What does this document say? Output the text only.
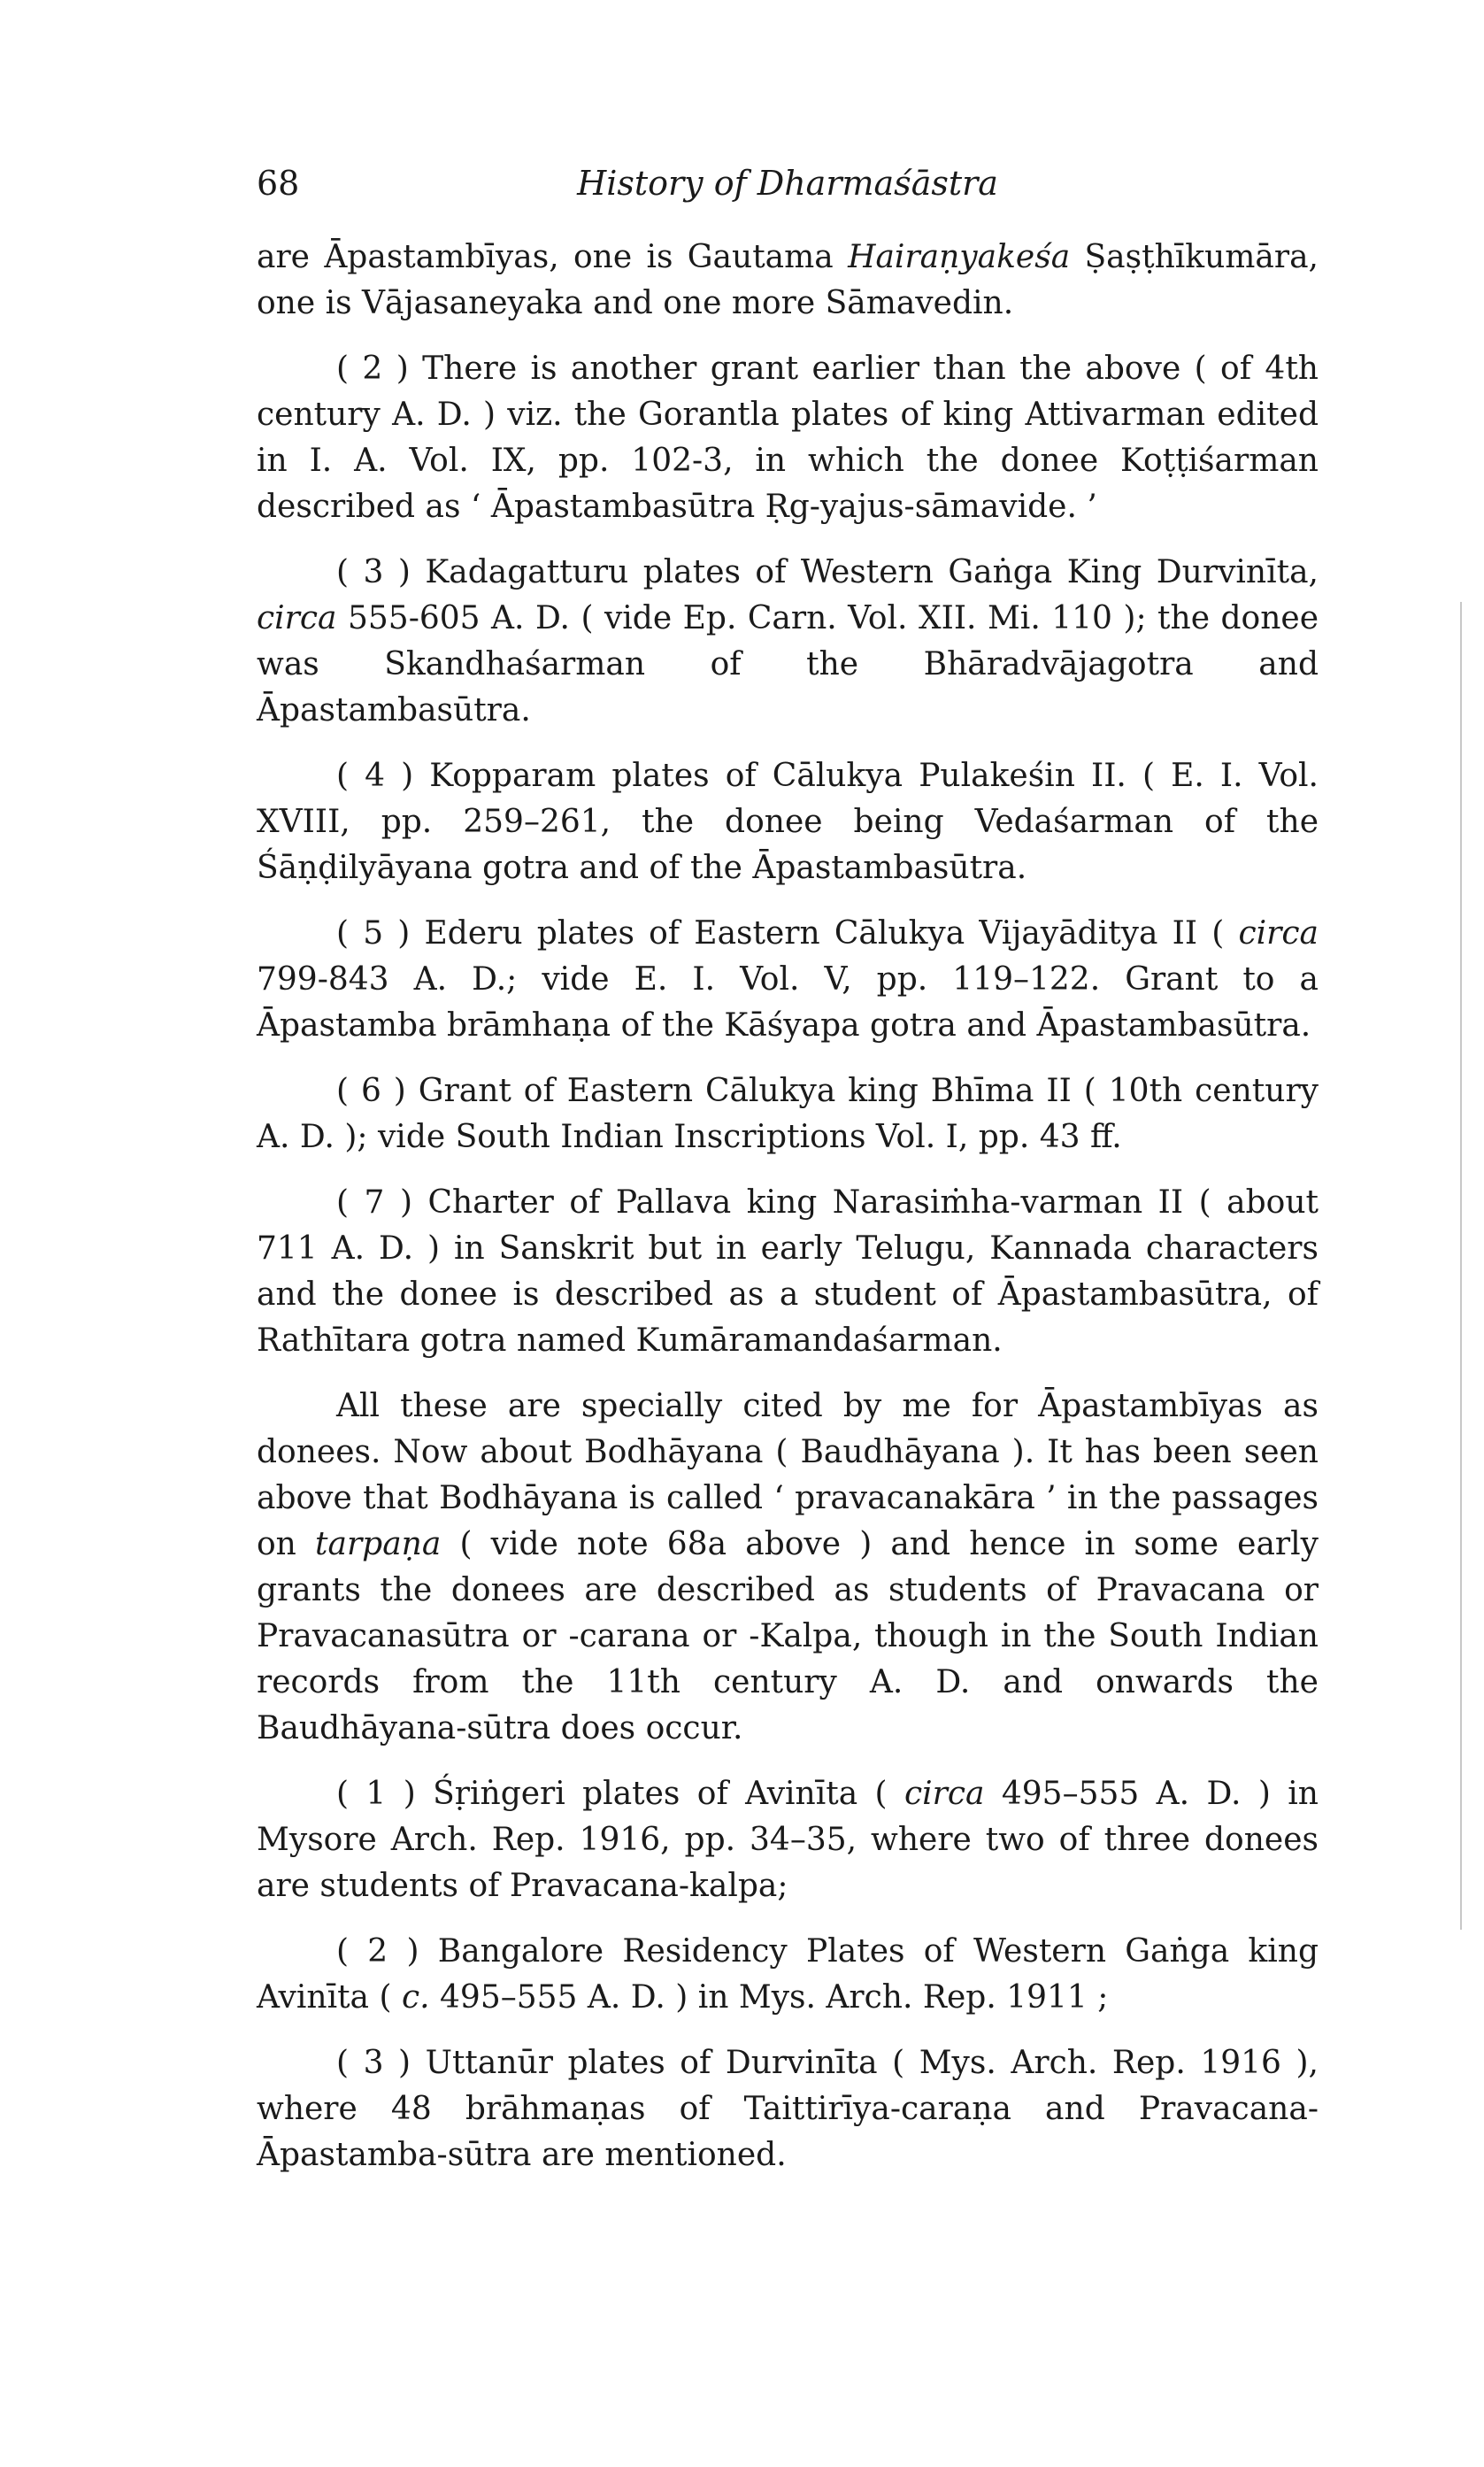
68	History of Dharmaśāstra

are Āpastambīyas, one is Gautama Hairaṇyakeśa Ṣaṣṭhīkumāra, one is Vājasaneyaka and one more Sāmavedin.

( 2 ) There is another grant earlier than the above ( of 4th century A. D. ) viz. the Gorantla plates of king Attivarman edited in I. A. Vol. IX, pp. 102-3, in which the donee Koṭṭiśarman described as ‘ Āpastambasūtra Ṛg-yajus-sāmavide. ’

( 3 ) Kadagatturu plates of Western Gaṅga King Durvinīta, circa 555-605 A. D. ( vide Ep. Carn. Vol. XII. Mi. 110 ); the donee was Skandhaśarman of the Bhāradvājagotra and Āpastambasūtra.

( 4 ) Kopparam plates of Cālukya Pulakeśin II. ( E. I. Vol. XVIII, pp. 259–261, the donee being Vedaśarman of the Śāṇḍilyāyana gotra and of the Āpastambasūtra.

( 5 ) Ederu plates of Eastern Cālukya Vijayāditya II ( circa 799-843 A. D.; vide E. I. Vol. V, pp. 119–122. Grant to a Āpastamba brāmhaṇa of the Kāśyapa gotra and Āpastambasūtra.

( 6 ) Grant of Eastern Cālukya king Bhīma II ( 10th century A. D. ); vide South Indian Inscriptions Vol. I, pp. 43 ff.

( 7 ) Charter of Pallava king Narasiṁha-varman II ( about 711 A. D. ) in Sanskrit but in early Telugu, Kannada characters and the donee is described as a student of Āpastambasūtra, of Rathītara gotra named Kumāramandaśarman.

All these are specially cited by me for Āpastambīyas as donees. Now about Bodhāyana ( Baudhāyana ). It has been seen above that Bodhāyana is called ‘ pravacanakāra ’ in the passages on tarpaṇa ( vide note 68a above ) and hence in some early grants the donees are described as students of Pravacana or Pravacanasūtra or -carana or -Kalpa, though in the South Indian records from the 11th century A. D. and onwards the Baudhāyana-sūtra does occur.

( 1 ) Śṛiṅgeri plates of Avinīta ( circa 495–555 A. D. ) in Mysore Arch. Rep. 1916, pp. 34–35, where two of three donees are students of Pravacana-kalpa;

( 2 ) Bangalore Residency Plates of Western Gaṅga king Avinīta ( c. 495–555 A. D. ) in Mys. Arch. Rep. 1911 ;

( 3 ) Uttanūr plates of Durvinīta ( Mys. Arch. Rep. 1916 ), where 48 brāhmaṇas of Taittirīya-caraṇa and Pravacana-Āpastamba-sūtra are mentioned.
